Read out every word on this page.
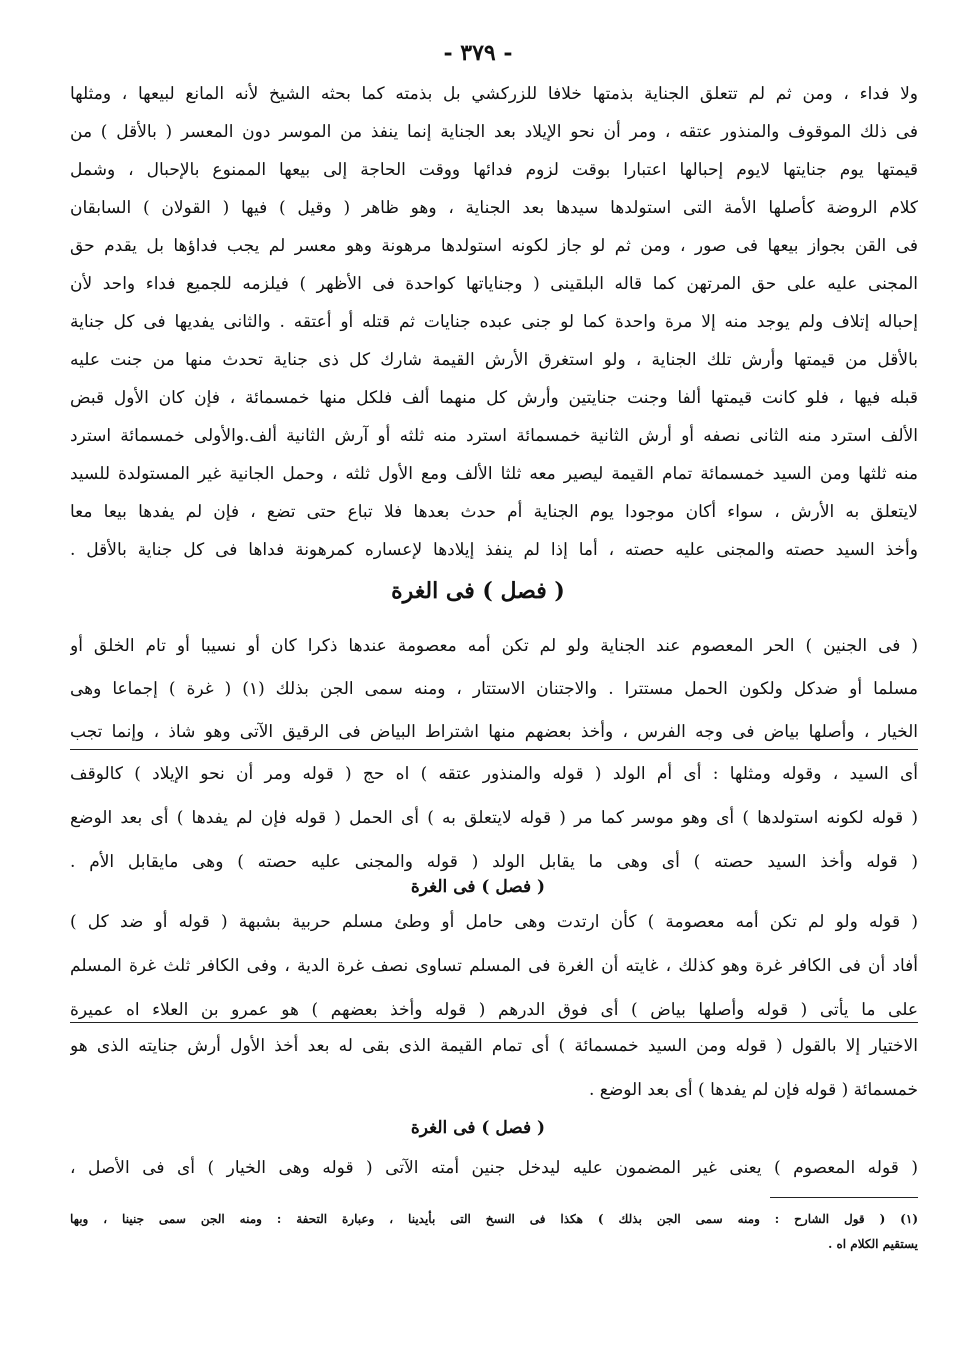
- ٣٧٩ -
ولا فداء ، ومن ثم لم تتعلق الجناية بذمتها خلافا للزركشي بل بذمته كما بحثه الشيخ لأنه المانع لبيعها ، ومثلها
فى ذلك الموقوف والمنذور عتقه ، ومر أن نحو الإيلاد بعد الجناية إنما ينفذ من الموسر دون المعسر ( بالأقل ) من
قيمتها يوم جنايتها لايوم إحبالها اعتبارا بوقت لزوم فدائها ووقت الحاجة إلى بيعها الممنوع بالإحبال ، وشمل
كلام الروضة كأصلها الأمة التى استولدها سيدها بعد الجناية ، وهو ظاهر ( وقيل ) فيها ( القولان ) السابقان
فى القن بجواز بيعها فى صور ، ومن ثم لو جاز لكونه استولدها مرهونة وهو معسر لم يجب فداؤها بل يقدم حق
المجنى عليه على حق المرتهن كما قاله البلقينى ( وجناياتها كواحدة فى الأظهر ) فيلزمه للجميع فداء واحد لأن
إحباله إتلاف ولم يوجد منه إلا مرة واحدة كما لو جنى عبده جنايات ثم قتله أو أعتقه . والثانى يفديها فى كل جناية
بالأقل من قيمتها وأرش تلك الجناية ، ولو استغرق الأرش القيمة شارك كل ذى جناية تحدث منها من جنت عليه
قبله فيها ، فلو كانت قيمتها ألفا وجنت جنايتين وأرش كل منهما ألف فلكل منها خمسمائة ، فإن كان الأول قبض
الألف استرد منه الثانى نصفه أو أرش الثانية خمسمائة استرد منه ثلثه أو آرش الثانية ألف.والأولى خمسمائة استرد
منه ثلثها ومن السيد خمسمائة تمام القيمة ليصير معه ثلثا الألف ومع الأول ثلثه ، وحمل الجانية غير المستولدة للسيد
لايتعلق به الأرش ، سواء أكان موجودا يوم الجناية أم حدث بعدها فلا تباع حتى تضع ، فإن لم يفدها بيعا معا
وأخذ السيد حصته والمجنى عليه حصته ، أما إذا لم ينفذ إيلادها لإعساره كمرهونة فداها فى كل جناية بالأقل .
( فصل ) فى الغرة
( فى الجنين ) الحر المعصوم عند الجناية ولو لم تكن أمه معصومة عندها ذكرا كان أو نسيبا أو تام الخلق أو
مسلما أو ضدكل ولكون الحمل مستترا . والاجتنان الاستتار ، ومنه سمى الجن بذلك (١) ( غرة ) إجماعا وهى
الخيار ، وأصلها بياض فى وجه الفرس ، وأخذ بعضهم منها اشتراط البياض فى الرقيق الآتى وهو شاذ ، وإنما تجب
أى السيد ، وقوله ومثلها : أى أم الولد ( قوله والمنذور عتقه ) اه حج ( قوله ومر أن نحو الإيلاد ) كالوقف
( قوله لكونه استولدها ) أى وهو موسر كما مر ( قوله لايتعلق به ) أى الحمل ( قوله فإن لم يفدها ) أى بعد الوضع
( قوله وأخذ السيد حصته ) أى وهى ما يقابل الولد ( قوله والمجنى عليه حصته ) وهى مايقابل الأم .
( فصل ) فى الغرة
( قوله ولو لم تكن أمه معصومة ) كأن ارتدت وهى حامل أو وطئ مسلم حربية بشبهة ( قوله أو ضد كل )
أفاد أن فى الكافر غرة وهو كذلك ، غايته أن الغرة فى المسلم تساوى نصف غرة الدية ، وفى الكافر ثلث غرة المسلم
على ما يأتى ( قوله وأصلها بياض ) أى فوق الدرهم ( قوله وأخذ بعضهم ) هو عمرو بن العلاء اه عميرة
الاختيار إلا بالقول ( قوله ومن السيد خمسمائة ) أى تمام القيمة الذى بقى له بعد أخذ الأول أرش جنايته الذى هو
خمسمائة ( قوله فإن لم يفدها ) أى بعد الوضع .
( فصل ) فى الغرة
( قوله المعصوم ) يعنى غير المضمون عليه ليدخل جنين أمته الآتى ( قوله وهى الخيار ) أى فى الأصل ،
(١) ( قول الشارح : ومنه سمى الجن بذلك ) هكذا فى النسخ التى بأيدينا ، وعبارة التحفة : ومنه الجن سمى جنينا ، وبها
يستقيم الكلام اه .
